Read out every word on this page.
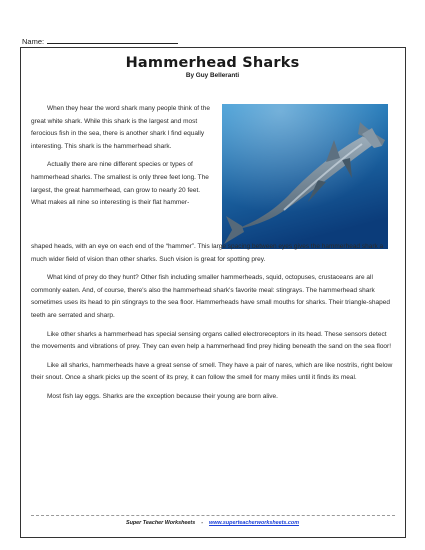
Name:
Hammerhead Sharks
By Guy Belleranti

When they hear the word shark many people think of the great white shark. While this shark is the largest and most ferocious fish in the sea, there is another shark I find equally interesting. This shark is the hammerhead shark.

Actually there are nine different species or types of hammerhead sharks. The smallest is only three feet long. The largest, the great hammerhead, can grow to nearly 20 feet. What makes all nine so interesting is their flat hammer-

shaped heads, with an eye on each end of the “hammer”. This large spacing between eyes gives the hammerhead shark a much wider field of vision than other sharks. Such vision is great for spotting prey.

What kind of prey do they hunt? Other fish including smaller hammerheads, squid, octopuses, crustaceans are all commonly eaten. And, of course, there's also the hammerhead shark's favorite meal: stingrays. The hammerhead shark sometimes uses its head to pin stingrays to the sea floor. Hammerheads have small mouths for sharks. Their triangle-shaped teeth are serrated and sharp.

Like other sharks a hammerhead has special sensing organs called electroreceptors in its head. These sensors detect the movements and vibrations of prey. They can even help a hammerhead find prey hiding beneath the sand on the sea floor!

Like all sharks, hammerheads have a great sense of smell. They have a pair of nares, which are like nostrils, right below their snout. Once a shark picks up the scent of its prey, it can follow the smell for many miles until it finds its meal.

Most fish lay eggs. Sharks are the exception because their young are born alive.

Super Teacher Worksheets - www.superteacherworksheets.com
